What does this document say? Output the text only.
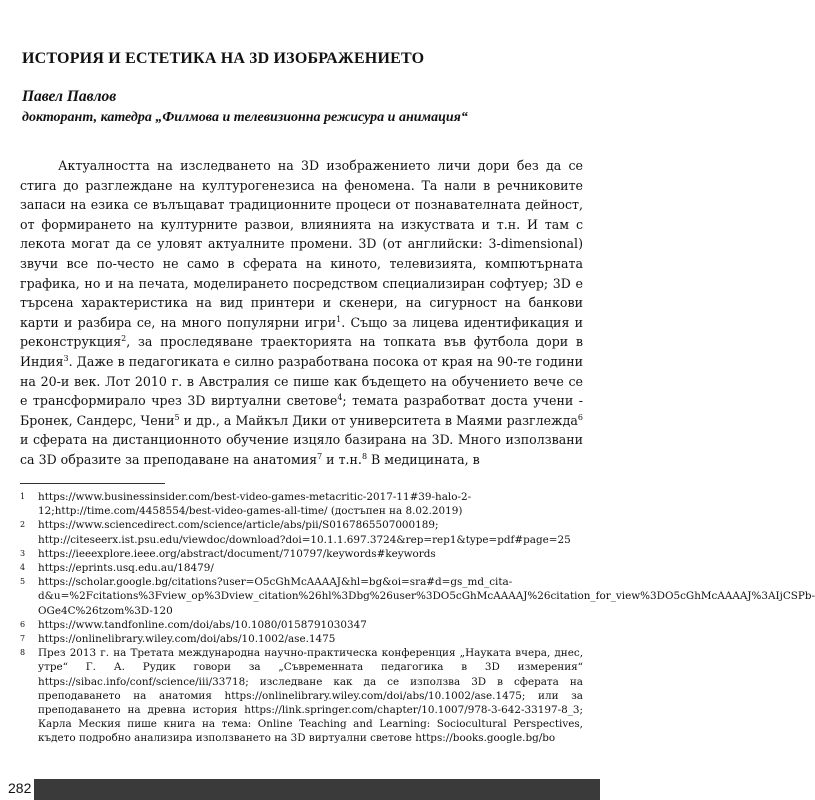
ИСТОРИЯ И ЕСТЕТИКА НА 3D ИЗОБРАЖЕНИЕТО

Павел Павлов

докторант, катедра „Филмова и телевизионна режисура и анимация“

Актуалността на изследването на 3D изображението личи дори без да се стига до разглеждане на културогенезиса на феномена. Та нали в речниковите запаси на езика се вълъщават традиционните процеси от познавателната дейност, от формирането на културните развои, влиянията на изкуствата и т.н. И там с лекота могат да се уловят актуалните промени. 3D (от английски: 3-dimensional) звучи все по-често не само в сферата на киното, телевизията, компютърната графика, но и на печата, моделирането посредством специализиран софтуер; 3D е търсена характеристика на вид принтери и скенери, на сигурност на банкови карти и разбира се, на много популярни игри$^1$. Също за лицева идентификация и реконструкция$^2$, за проследяване траекторията на топката във футбола дори в Индия$^3$. Даже в педагогиката е силно разработвана посока от края на 90-те години на 20-и век. Лот 2010 г. в Австралия се пише как бъдещето на обучението вече се е трансформирало чрез 3D виртуални светове$^4$; темата разработват доста учени - Бронек, Сандерс, Чени$^5$ и др., а Майкъл Дики от университета в Маями разглежда$^6$ и сферата на дистанционното обучение изцяло базирана на 3D. Много използвани са 3D образите за преподаване на анатомия$^7$ и т.н.$^8$ В медицината, в

1 https://www.businessinsider.com/best-video-games-metacritic-2017-11#39-halo-2-12;http://time.com/4458554/best-video-games-all-time/ (достъпен на 8.02.2019)
2 https://www.sciencedirect.com/science/article/abs/pii/S0167865507000189; http://citeseerx.ist.psu.edu/viewdoc/download?doi=10.1.1.697.3724&rep=rep1&type=pdf#page=25
3 https://ieeexplore.ieee.org/abstract/document/710797/keywords#keywords
4 https://eprints.usq.edu.au/18479/
5 https://scholar.google.bg/citations?user=O5cGhMcAAAAJ&hl=bg&oi=sra#d=gs_md_cita-d&u=%2Fcitations%3Fview_op%3Dview_citation%26hl%3Dbg%26user%3DO5cGhMcAAAAJ%26citation_for_view%3DO5cGhMcAAAAJ%3AIjCSPb-OGe4C%26tzom%3D-120
6 https://www.tandfonline.com/doi/abs/10.1080/0158791030347
7 https://onlinelibrary.wiley.com/doi/abs/10.1002/ase.1475
8 През 2013 г. на Третата международна научно-практическа конференция „Науката вчера, днес, утре“ Г. А. Рудик говори за „Съвременната педагогика в 3D измерения“ https://sibac.info/conf/science/iii/33718; изследване как да се използва 3D в сферата на преподаването на анатомия https://onlinelibrary.wiley.com/doi/abs/10.1002/ase.1475; или за преподаването на древна история https://link.springer.com/chapter/10.1007/978-3-642-33197-8_3; Карла Меския пише книга на тема: Online Teaching and Learning: Sociocultural Perspectives, където подробно анализира използването на 3D виртуални светове https://books.google.bg/bo
282
